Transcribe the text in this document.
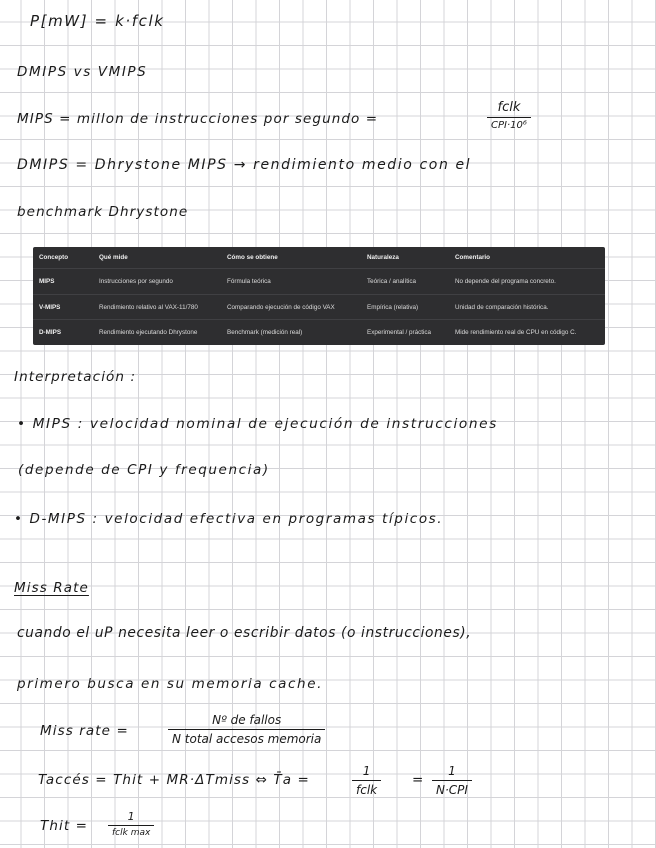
P[mW] = k·fclk
DMIPS vs VMIPS
MIPS = millon de instrucciones por segundo =
fclk
CPI·10⁶
DMIPS = Dhrystone MIPS → rendimiento medio con el
benchmark Dhrystone
Concepto	Qué mide	Cómo se obtiene	Naturaleza	Comentario
MIPS	Instrucciones por segundo	Fórmula teórica	Teórica / analítica	No depende del programa concreto.
V-MIPS	Rendimiento relativo al VAX-11/780	Comparando ejecución de código VAX	Empírica (relativa)	Unidad de comparación histórica.
D-MIPS	Rendimiento ejecutando Dhrystone	Benchmark (medición real)	Experimental / práctica	Mide rendimiento real de CPU en código C.
Interpretación :
• MIPS : velocidad nominal de ejecución de instrucciones
(depende de CPI y frequencia)
• D-MIPS : velocidad efectiva en programas típicos.
Miss Rate
cuando el uP necesita leer o escribir datos (o instrucciones),
primero busca en su memoria cache.
Miss rate =
Nº de fallos
N total accesos memoria
Taccés = Thit + MR·ΔTmiss ⇔ T̄a =
1
fclk
=
1
N·CPI
Thit =
1
fclk max
